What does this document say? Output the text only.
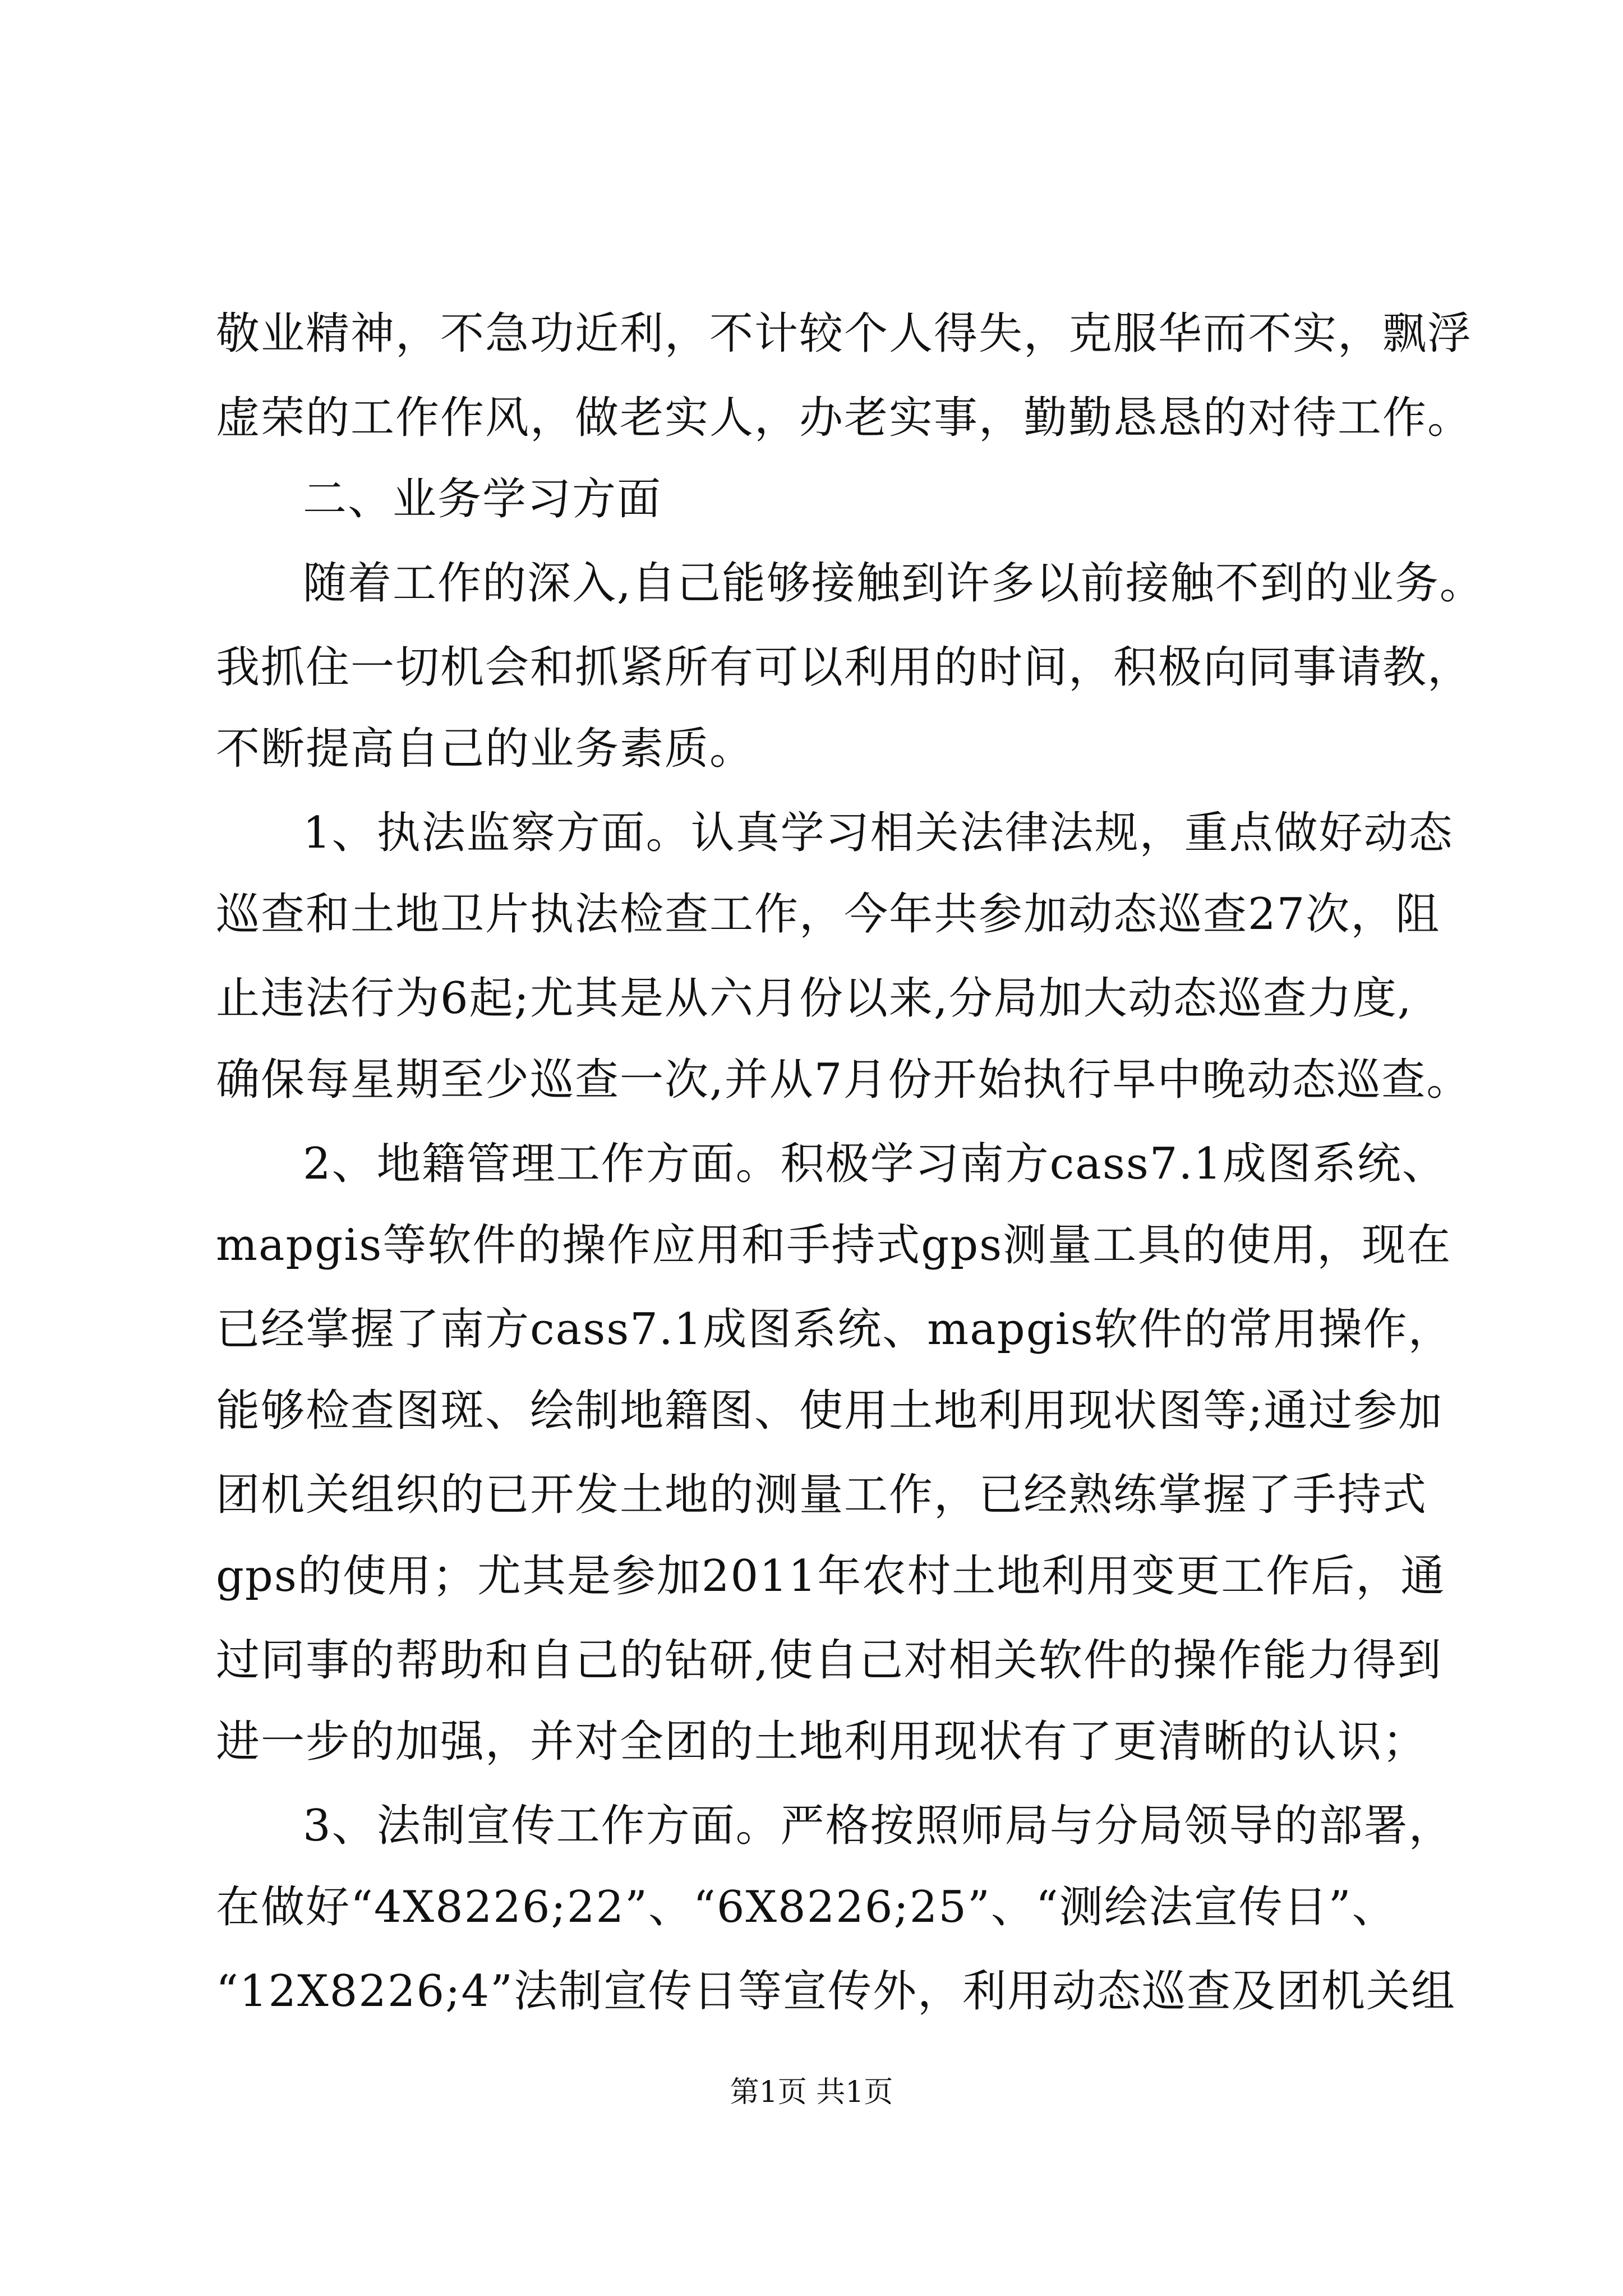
敬业精神，不急功近利，不计较个人得失，克服华而不实，飘浮

虚荣的工作作风，做老实人，办老实事，勤勤恳恳的对待工作。

二、业务学习方面

随着工作的深入,自己能够接触到许多以前接触不到的业务。

我抓住一切机会和抓紧所有可以利用的时间，积极向同事请教，

不断提高自己的业务素质。

1、执法监察方面。认真学习相关法律法规，重点做好动态

巡查和土地卫片执法检查工作，今年共参加动态巡查27次，阻

止违法行为6起;尤其是从六月份以来,分局加大动态巡查力度,

确保每星期至少巡查一次,并从7月份开始执行早中晚动态巡查。

2、地籍管理工作方面。积极学习南方cass7.1成图系统、

mapgis等软件的操作应用和手持式gps测量工具的使用，现在

已经掌握了南方cass7.1成图系统、mapgis软件的常用操作，

能够检查图斑、绘制地籍图、使用土地利用现状图等;通过参加

团机关组织的已开发土地的测量工作，已经熟练掌握了手持式

gps的使用；尤其是参加2011年农村土地利用变更工作后，通

过同事的帮助和自己的钻研,使自己对相关软件的操作能力得到

进一步的加强，并对全团的土地利用现状有了更清晰的认识；

3、法制宣传工作方面。严格按照师局与分局领导的部署，

在做好“4X8226;22”、“6X8226;25”、“测绘法宣传日”、

“12X8226;4”法制宣传日等宣传外，利用动态巡查及团机关组

第1页 共1页
